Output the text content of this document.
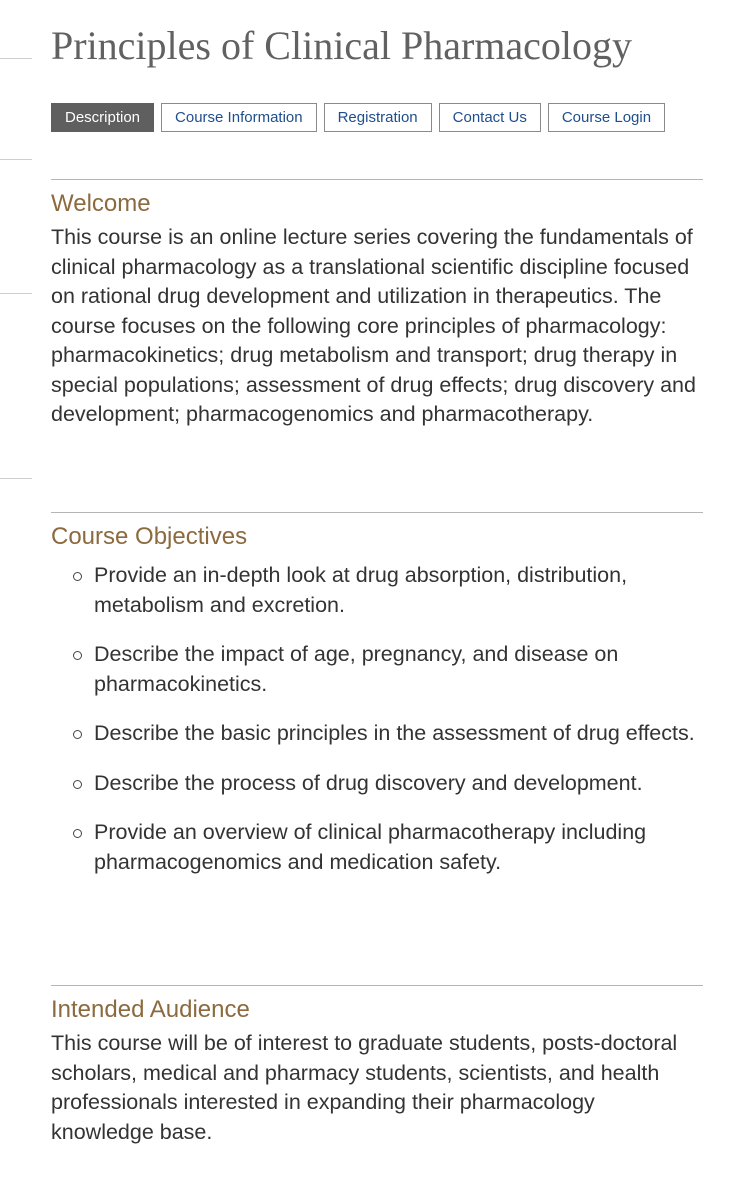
Principles of Clinical Pharmacology
Description	Course Information	Registration	Contact Us	Course Login
Welcome

This course is an online lecture series covering the fundamentals of clinical pharmacology as a translational scientific discipline focused on rational drug development and utilization in therapeutics. The course focuses on the following core principles of pharmacology: pharmacokinetics; drug metabolism and transport; drug therapy in special populations; assessment of drug effects; drug discovery and development; pharmacogenomics and pharmacotherapy.

Course Objectives
Provide an in-depth look at drug absorption, distribution, metabolism and excretion.
Describe the impact of age, pregnancy, and disease on pharmacokinetics.
Describe the basic principles in the assessment of drug effects.
Describe the process of drug discovery and development.
Provide an overview of clinical pharmacotherapy including pharmacogenomics and medication safety.
Intended Audience

This course will be of interest to graduate students, posts-doctoral scholars, medical and pharmacy students, scientists, and health professionals interested in expanding their pharmacology knowledge base.
